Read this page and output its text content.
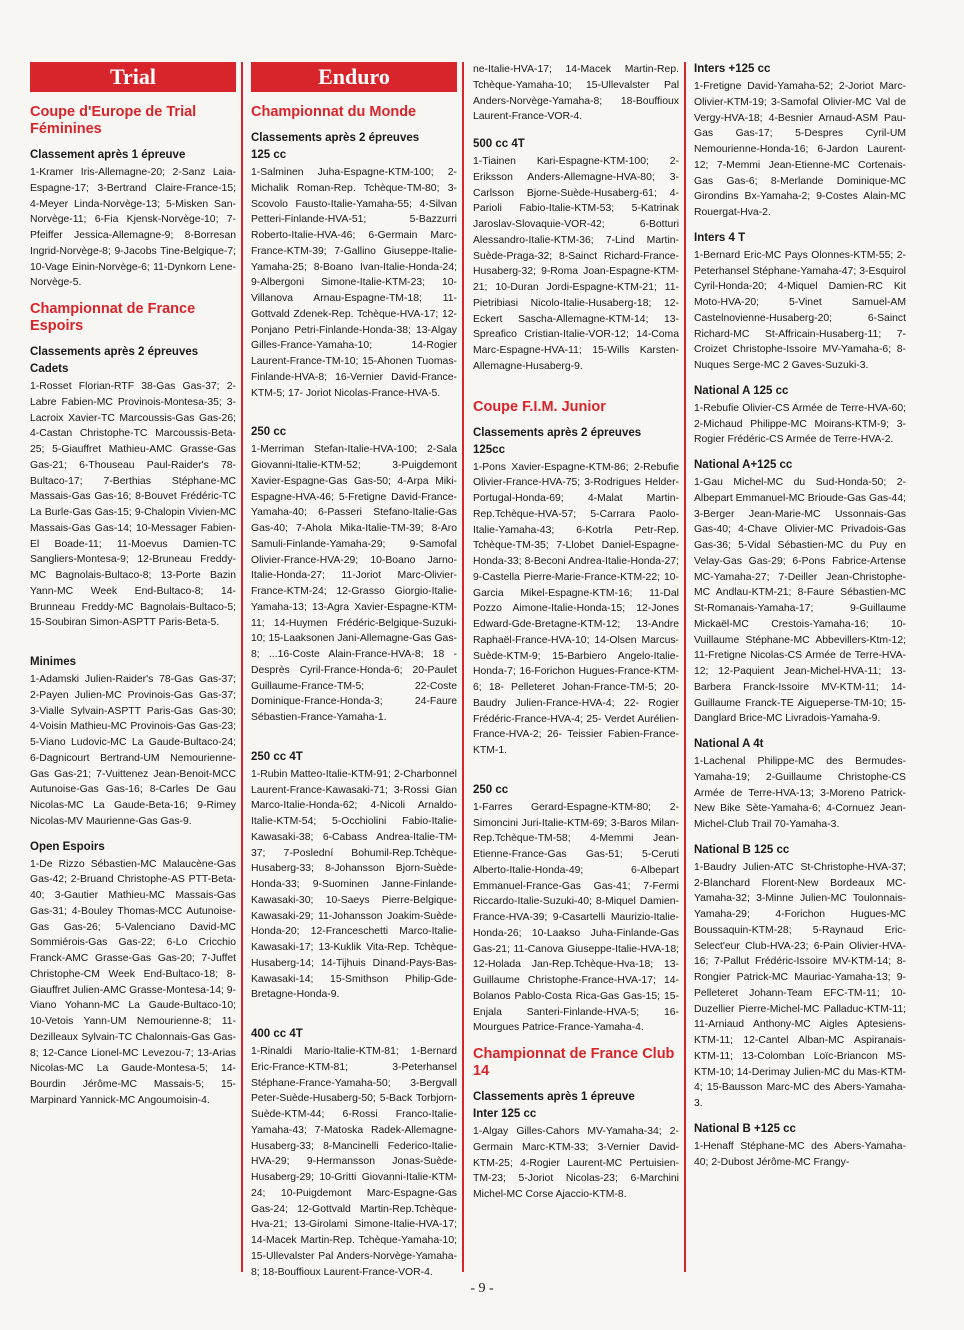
Trial
Coupe d'Europe de Trial Féminines
Classement après 1 épreuve

1-Kramer Iris-Allemagne-20; 2-Sanz Laia-Espagne-17; 3-Bertrand Claire-France-15; 4-Meyer Linda-Norvège-13; 5-Misken San-Norvège-11; 6-Fia Kjensk-Norvège-10; 7-Pfeiffer Jessica-Allemagne-9; 8-Borresan Ingrid-Norvège-8; 9-Jacobs Tine-Belgique-7; 10-Vage Einin-Norvège-6; 11-Dynkorn Lene-Norvège-5.

Championnat de France Espoirs
Classements après 2 épreuves
Cadets

1-Rosset Florian-RTF 38-Gas Gas-37; 2-Labre Fabien-MC Provinois-Montesa-35; 3-Lacroix Xavier-TC Marcoussis-Gas Gas-26; 4-Castan Christophe-TC Marcoussis-Beta-25; 5-Giauffret Mathieu-AMC Grasse-Gas Gas-21; 6-Thouseau Paul-Raider's 78-Bultaco-17; 7-Berthias Stéphane-MC Massais-Gas Gas-16; 8-Bouvet Frédéric-TC La Burle-Gas Gas-15; 9-Chalopin Vivien-MC Massais-Gas Gas-14; 10-Messager Fabien-El Boade-11; 11-Moevus Damien-TC Sangliers-Montesa-9; 12-Bruneau Freddy-MC Bagnolais-Bultaco-8; 13-Porte Bazin Yann-MC Week End-Bultaco-8; 14-Brunneau Freddy-MC Bagnolais-Bultaco-5; 15-Soubiran Simon-ASPTT Paris-Beta-5.

Minimes

1-Adamski Julien-Raider's 78-Gas Gas-37; 2-Payen Julien-MC Provinois-Gas Gas-37; 3-Vialle Sylvain-ASPTT Paris-Gas Gas-30; 4-Voisin Mathieu-MC Provinois-Gas Gas-23; 5-Viano Ludovic-MC La Gaude-Bultaco-24; 6-Dagnicourt Bertrand-UM Nemourienne-Gas Gas-21; 7-Vuittenez Jean-Benoit-MCC Autunoise-Gas Gas-16; 8-Carles De Gau Nicolas-MC La Gaude-Beta-16; 9-Rimey Nicolas-MV Maurienne-Gas Gas-9.

Open Espoirs

1-De Rizzo Sébastien-MC Malaucène-Gas Gas-42; 2-Bruand Christophe-AS PTT-Beta-40; 3-Gautier Mathieu-MC Massais-Gas Gas-31; 4-Bouley Thomas-MCC Autunoise-Gas Gas-26; 5-Valenciano David-MC Sommiérois-Gas Gas-22; 6-Lo Cricchio Franck-AMC Grasse-Gas Gas-20; 7-Juffet Christophe-CM Week End-Bultaco-18; 8-Giauffret Julien-AMC Grasse-Montesa-14; 9-Viano Yohann-MC La Gaude-Bultaco-10; 10-Vetois Yann-UM Nemourienne-8; 11-Dezilleaux Sylvain-TC Chalonnais-Gas Gas-8; 12-Cance Lionel-MC Levezou-7; 13-Arias Nicolas-MC La Gaude-Montesa-5; 14-Bourdin Jérôme-MC Massais-5; 15-Marpinard Yannick-MC Angoumoisin-4.

Enduro
Championnat du Monde
Classements après 2 épreuves
125 cc

1-Salminen Juha-Espagne-KTM-100; 2-Michalik Roman-Rep. Tchèque-TM-80; 3-Scovolo Fausto-Italie-Yamaha-55; 4-Silvan Petteri-Finlande-HVA-51; 5-Bazzurri Roberto-Italie-HVA-46; 6-Germain Marc-France-KTM-39; 7-Gallino Giuseppe-Italie-Yamaha-25; 8-Boano Ivan-Italie-Honda-24; 9-Albergoni Simone-Italie-KTM-23; 10-Villanova Arnau-Espagne-TM-18; 11-Gottvald Zdenek-Rep. Tchèque-HVA-17; 12-Ponjano Petri-Finlande-Honda-38; 13-Algay Gilles-France-Yamaha-10; 14-Rogier Laurent-France-TM-10; 15-Ahonen Tuomas-Finlande-HVA-8; 16-Vernier David-France-KTM-5; 17- Joriot Nicolas-France-HVA-5.

250 cc

1-Merriman Stefan-Italie-HVA-100; 2-Sala Giovanni-Italie-KTM-52; 3-Puigdemont Xavier-Espagne-Gas Gas-50; 4-Arpa Miki-Espagne-HVA-46; 5-Fretigne David-France-Yamaha-40; 6-Passeri Stefano-Italie-Gas Gas-40; 7-Ahola Mika-Italie-TM-39; 8-Aro Samuli-Finlande-Yamaha-29; 9-Samofal Olivier-France-HVA-29; 10-Boano Jarno-Italie-Honda-27; 11-Joriot Marc-Olivier-France-KTM-24; 12-Grasso Giorgio-Italie-Yamaha-13; 13-Agra Xavier-Espagne-KTM-11; 14-Huymen Frédéric-Belgique-Suzuki-10; 15-Laaksonen Jani-Allemagne-Gas Gas-8; ...16-Coste Alain-France-HVA-8; 18 -Desprès Cyril-France-Honda-6; 20-Paulet Guillaume-France-TM-5; 22-Coste Dominique-France-Honda-3; 24-Faure Sébastien-France-Yamaha-1.

250 cc 4T

1-Rubin Matteo-Italie-KTM-91; 2-Charbonnel Laurent-France-Kawasaki-71; 3-Rossi Gian Marco-Italie-Honda-62; 4-Nicoli Arnaldo-Italie-KTM-54; 5-Occhiolini Fabio-Italie-Kawasaki-38; 6-Cabass Andrea-Italie-TM-37; 7-Poslední Bohumil-Rep.Tchèque-Husaberg-33; 8-Johansson Bjorn-Suède-Honda-33; 9-Suominen Janne-Finlande-Kawasaki-30; 10-Saeys Pierre-Belgique-Kawasaki-29; 11-Johansson Joakim-Suède-Honda-20; 12-Franceschetti Marco-Italie-Kawasaki-17; 13-Kuklik Vita-Rep. Tchèque-Husaberg-14; 14-Tijhuis Dinand-Pays-Bas-Kawasaki-14; 15-Smithson Philip-Gde-Bretagne-Honda-9.

400 cc 4T

1-Rinaldi Mario-Italie-KTM-81; 1-Bernard Eric-France-KTM-81; 3-Peterhansel Stéphane-France-Yamaha-50; 3-Bergvall Peter-Suède-Husaberg-50; 5-Back Torbjorn-Suède-KTM-44; 6-Rossi Franco-Italie-Yamaha-43; 7-Matoska Radek-Allemagne-Husaberg-33; 8-Mancinelli Federico-Italie-HVA-29; 9-Hermansson Jonas-Suède-Husaberg-29; 10-Gritti Giovanni-Italie-KTM-24; 10-Puigdemont Marc-Espagne-Gas Gas-24; 12-Gottvald Martin-Rep.Tchèque-Hva-21; 13-Girolami Simone-Italie-HVA-17; 14-Macek Martin-Rep. Tchèque-Yamaha-10; 15-Ullevalster Pal Anders-Norvège-Yamaha-8; 18-Bouffioux Laurent-France-VOR-4.

ne-Italie-HVA-17; 14-Macek Martin-Rep. Tchèque-Yamaha-10; 15-Ullevalster Pal Anders-Norvège-Yamaha-8; 18-Bouffioux Laurent-France-VOR-4.

500 cc 4T

1-Tiainen Kari-Espagne-KTM-100; 2-Eriksson Anders-Allemagne-HVA-80; 3-Carlsson Bjorne-Suède-Husaberg-61; 4-Parioli Fabio-Italie-KTM-53; 5-Katrinak Jaroslav-Slovaquie-VOR-42; 6-Botturi Alessandro-Italie-KTM-36; 7-Lind Martin-Suède-Praga-32; 8-Sainct Richard-France-Husaberg-32; 9-Roma Joan-Espagne-KTM-21; 10-Duran Jordi-Espagne-KTM-21; 11-Pietribiasi Nicolo-Italie-Husaberg-18; 12-Eckert Sascha-Allemagne-KTM-14; 13-Spreafico Cristian-Italie-VOR-12; 14-Coma Marc-Espagne-HVA-11; 15-Wills Karsten-Allemagne-Husaberg-9.

Coupe F.I.M. Junior
Classements après 2 épreuves
125cc

1-Pons Xavier-Espagne-KTM-86; 2-Rebufie Olivier-France-HVA-75; 3-Rodrigues Helder-Portugal-Honda-69; 4-Malat Martin-Rep.Tchèque-HVA-57; 5-Carrara Paolo-Italie-Yamaha-43; 6-Kotrla Petr-Rep. Tchèque-TM-35; 7-Llobet Daniel-Espagne-Honda-33; 8-Beconi Andrea-Italie-Honda-27; 9-Castella Pierre-Marie-France-KTM-22; 10-Garcia Mikel-Espagne-KTM-16; 11-Dal Pozzo Aimone-Italie-Honda-15; 12-Jones Edward-Gde-Bretagne-KTM-12; 13-Andre Raphaël-France-HVA-10; 14-Olsen Marcus-Suède-KTM-9; 15-Barbiero Angelo-Italie-Honda-7; 16-Forichon Hugues-France-KTM-6; 18- Pelleteret Johan-France-TM-5; 20-Baudry Julien-France-HVA-4; 22- Rogier Frédéric-France-HVA-4; 25- Verdet Aurélien-France-HVA-2; 26- Teissier Fabien-France-KTM-1.

250 cc

1-Farres Gerard-Espagne-KTM-80; 2-Simoncini Juri-Italie-KTM-69; 3-Baros Milan-Rep.Tchèque-TM-58; 4-Memmi Jean-Etienne-France-Gas Gas-51; 5-Ceruti Alberto-Italie-Honda-49; 6-Albepart Emmanuel-France-Gas Gas-41; 7-Fermi Riccardo-Italie-Suzuki-40; 8-Miquel Damien-France-HVA-39; 9-Casartelli Maurizio-Italie-Honda-26; 10-Laakso Juha-Finlande-Gas Gas-21; 11-Canova Giuseppe-Italie-HVA-18; 12-Holada Jan-Rep.Tchèque-Hva-18; 13-Guillaume Christophe-France-HVA-17; 14-Bolanos Pablo-Costa Rica-Gas Gas-15; 15-Enjala Santeri-Finlande-HVA-5; 16-Mourgues Patrice-France-Yamaha-4.

Championnat de France Club 14
Classements après 1 épreuve
Inter 125 cc

1-Algay Gilles-Cahors MV-Yamaha-34; 2-Germain Marc-KTM-33; 3-Vernier David-KTM-25; 4-Rogier Laurent-MC Pertuisien-TM-23; 5-Joriot Nicolas-23; 6-Marchini Michel-MC Corse Ajaccio-KTM-8.

Inters +125 cc

1-Fretigne David-Yamaha-52; 2-Joriot Marc-Olivier-KTM-19; 3-Samofal Olivier-MC Val de Vergy-HVA-18; 4-Besnier Arnaud-ASM Pau-Gas Gas-17; 5-Despres Cyril-UM Nemourienne-Honda-16; 6-Jardon Laurent-12; 7-Memmi Jean-Etienne-MC Cortenais-Gas Gas-6; 8-Merlande Dominique-MC Girondins Bx-Yamaha-2; 9-Costes Alain-MC Rouergat-Hva-2.

Inters 4 T

1-Bernard Eric-MC Pays Olonnes-KTM-55; 2-Peterhansel Stéphane-Yamaha-47; 3-Esquirol Cyril-Honda-20; 4-Miquel Damien-RC Kit Moto-HVA-20; 5-Vinet Samuel-AM Castelnovienne-Husaberg-20; 6-Sainct Richard-MC St-Affricain-Husaberg-11; 7-Croizet Christophe-Issoire MV-Yamaha-6; 8-Nuques Serge-MC 2 Gaves-Suzuki-3.

National A 125 cc

1-Rebufie Olivier-CS Armée de Terre-HVA-60; 2-Michaud Philippe-MC Moirans-KTM-9; 3-Rogier Frédéric-CS Armée de Terre-HVA-2.

National A+125 cc

1-Gau Michel-MC du Sud-Honda-50; 2-Albepart Emmanuel-MC Brioude-Gas Gas-44; 3-Berger Jean-Marie-MC Ussonnais-Gas Gas-40; 4-Chave Olivier-MC Privadois-Gas Gas-36; 5-Vidal Sébastien-MC du Puy en Velay-Gas Gas-29; 6-Pons Fabrice-Artense MC-Yamaha-27; 7-Deiller Jean-Christophe-MC Andlau-KTM-21; 8-Faure Sébastien-MC St-Romanais-Yamaha-17; 9-Guillaume Mickaël-MC Crestois-Yamaha-16; 10-Vuillaume Stéphane-MC Abbevillers-Ktm-12; 11-Fretigne Nicolas-CS Armée de Terre-HVA-12; 12-Paquient Jean-Michel-HVA-11; 13-Barbera Franck-Issoire MV-KTM-11; 14-Guillaume Franck-TE Aigueperse-TM-10; 15-Danglard Brice-MC Livradois-Yamaha-9.

National A 4t

1-Lachenal Philippe-MC des Bermudes-Yamaha-19; 2-Guillaume Christophe-CS Armée de Terre-HVA-13; 3-Moreno Patrick-New Bike Sète-Yamaha-6; 4-Cornuez Jean-Michel-Club Trail 70-Yamaha-3.

National B 125 cc

1-Baudry Julien-ATC St-Christophe-HVA-37; 2-Blanchard Florent-New Bordeaux MC-Yamaha-32; 3-Minne Julien-MC Toulonnais-Yamaha-29; 4-Forichon Hugues-MC Boussaquin-KTM-28; 5-Raynaud Eric-Select'eur Club-HVA-23; 6-Pain Olivier-HVA-16; 7-Pallut Frédéric-Issoire MV-KTM-14; 8-Rongier Patrick-MC Mauriac-Yamaha-13; 9-Pelleteret Johann-Team EFC-TM-11; 10-Duzellier Pierre-Michel-MC Palladuc-KTM-11; 11-Arniaud Anthony-MC Aigles Aptesiens-KTM-11; 12-Cantel Alban-MC Aspiranais-KTM-11; 13-Colomban Loïc-Briancon MS-KTM-10; 14-Derimay Julien-MC du Mas-KTM-4; 15-Bausson Marc-MC des Abers-Yamaha-3.

National B +125 cc

1-Henaff Stéphane-MC des Abers-Yamaha-40; 2-Dubost Jérôme-MC Frangy-

- 9 -
